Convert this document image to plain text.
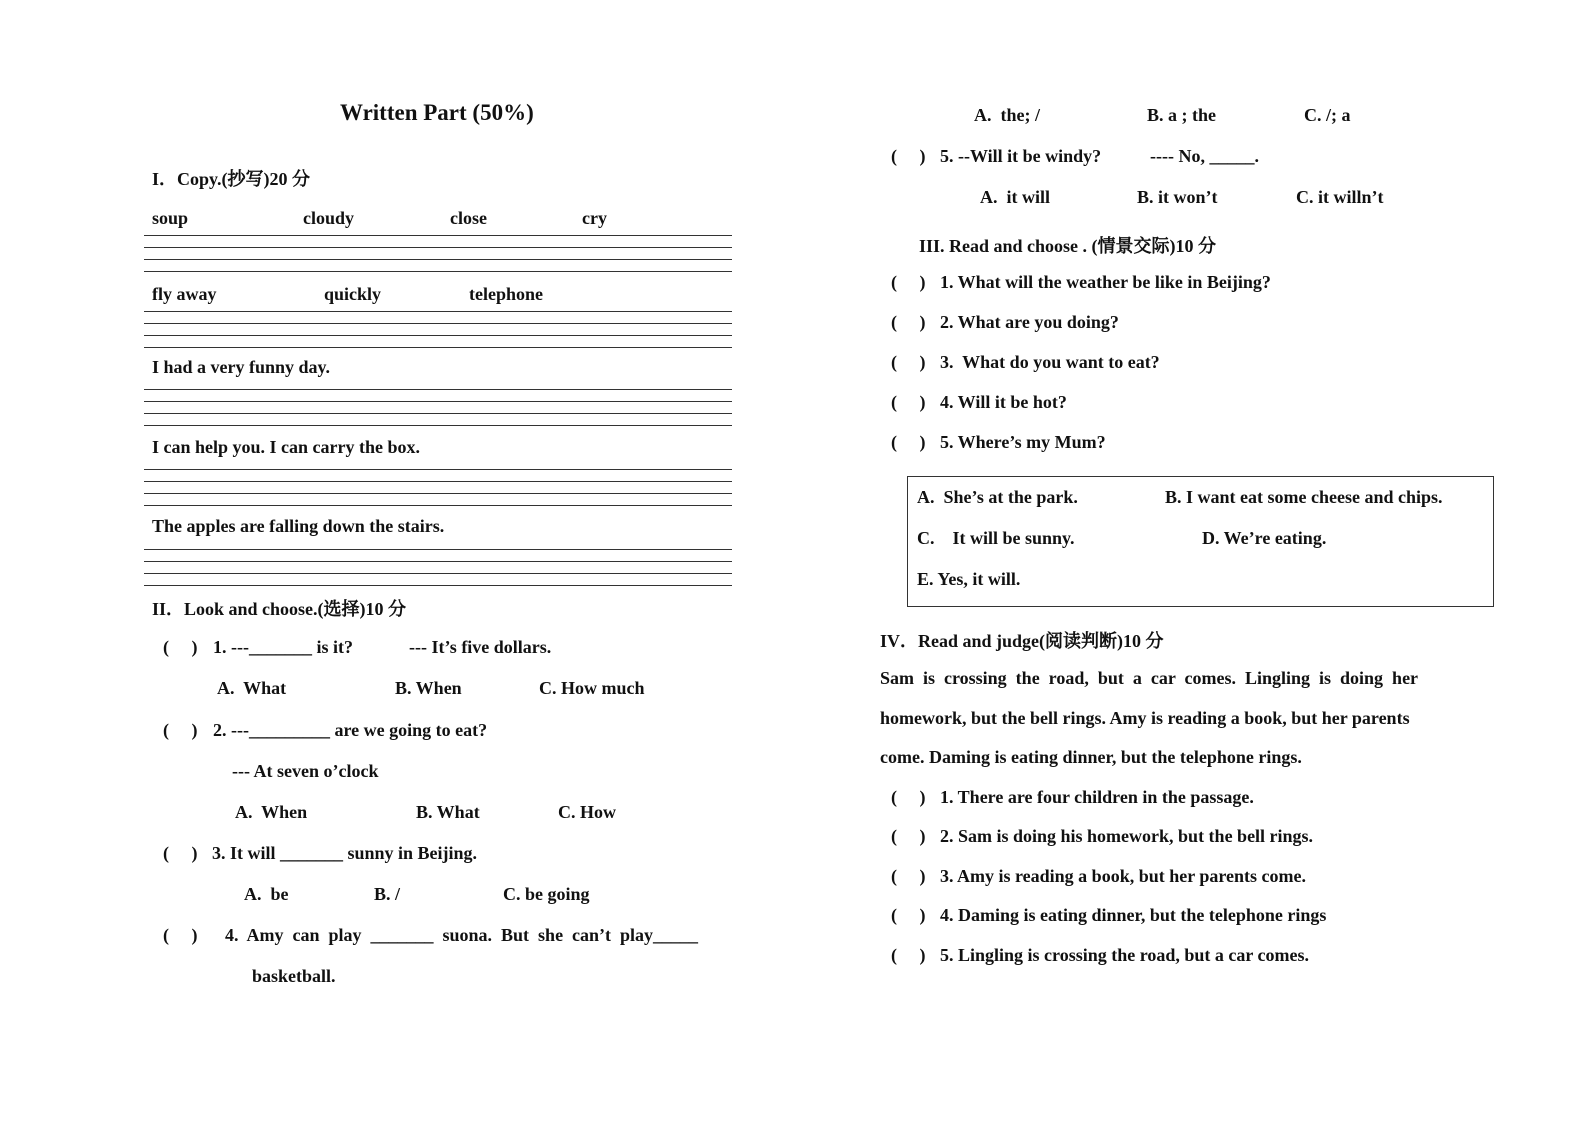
Written Part (50%)
I．Copy.(抄写)20 分
soup	cloudy	close	cry
fly away	quickly	telephone
I had a very funny day.
I can help you. I can carry the box.
The apples are falling down the stairs.
II．Look and choose.(选择)10 分
(     ) 1. ---_______ is it?	--- It’s five dollars.
A.  What	B. When	C. How much
(     ) 2. ---_________ are we going to eat?
--- At seven o’clock
A.  When	B. What	C. How
(     ) 3. It will _______ sunny in Beijing.
A.  be	B. /	C. be going
(     ) 4.  Amy  can  play  _______  suona.  But  she  can’t  play_____
basketball.
A.  the; /	B. a ; the	C. /; a
(     ) 5. --Will it be windy?	---- No, _____.
A.  it will	B. it won’t	C. it willn’t
III. Read and choose . (情景交际)10 分
(     ) 1. What will the weather be like in Beijing?
(     ) 2. What are you doing?
(     ) 3.  What do you want to eat?
(     ) 4. Will it be hot?
(     ) 5. Where’s my Mum?
A.  She’s at the park.	B. I want eat some cheese and chips.
C.    It will be sunny.	D. We’re eating.
E. Yes, it will.
IV．Read and judge(阅读判断)10 分
Sam  is  crossing  the  road,  but  a  car  comes.  Lingling  is  doing  her
homework, but the bell rings. Amy is reading a book, but her parents
come. Daming is eating dinner, but the telephone rings.
(     ) 1. There are four children in the passage.
(     ) 2. Sam is doing his homework, but the bell rings.
(     ) 3. Amy is reading a book, but her parents come.
(     ) 4. Daming is eating dinner, but the telephone rings
(     ) 5. Lingling is crossing the road, but a car comes.
